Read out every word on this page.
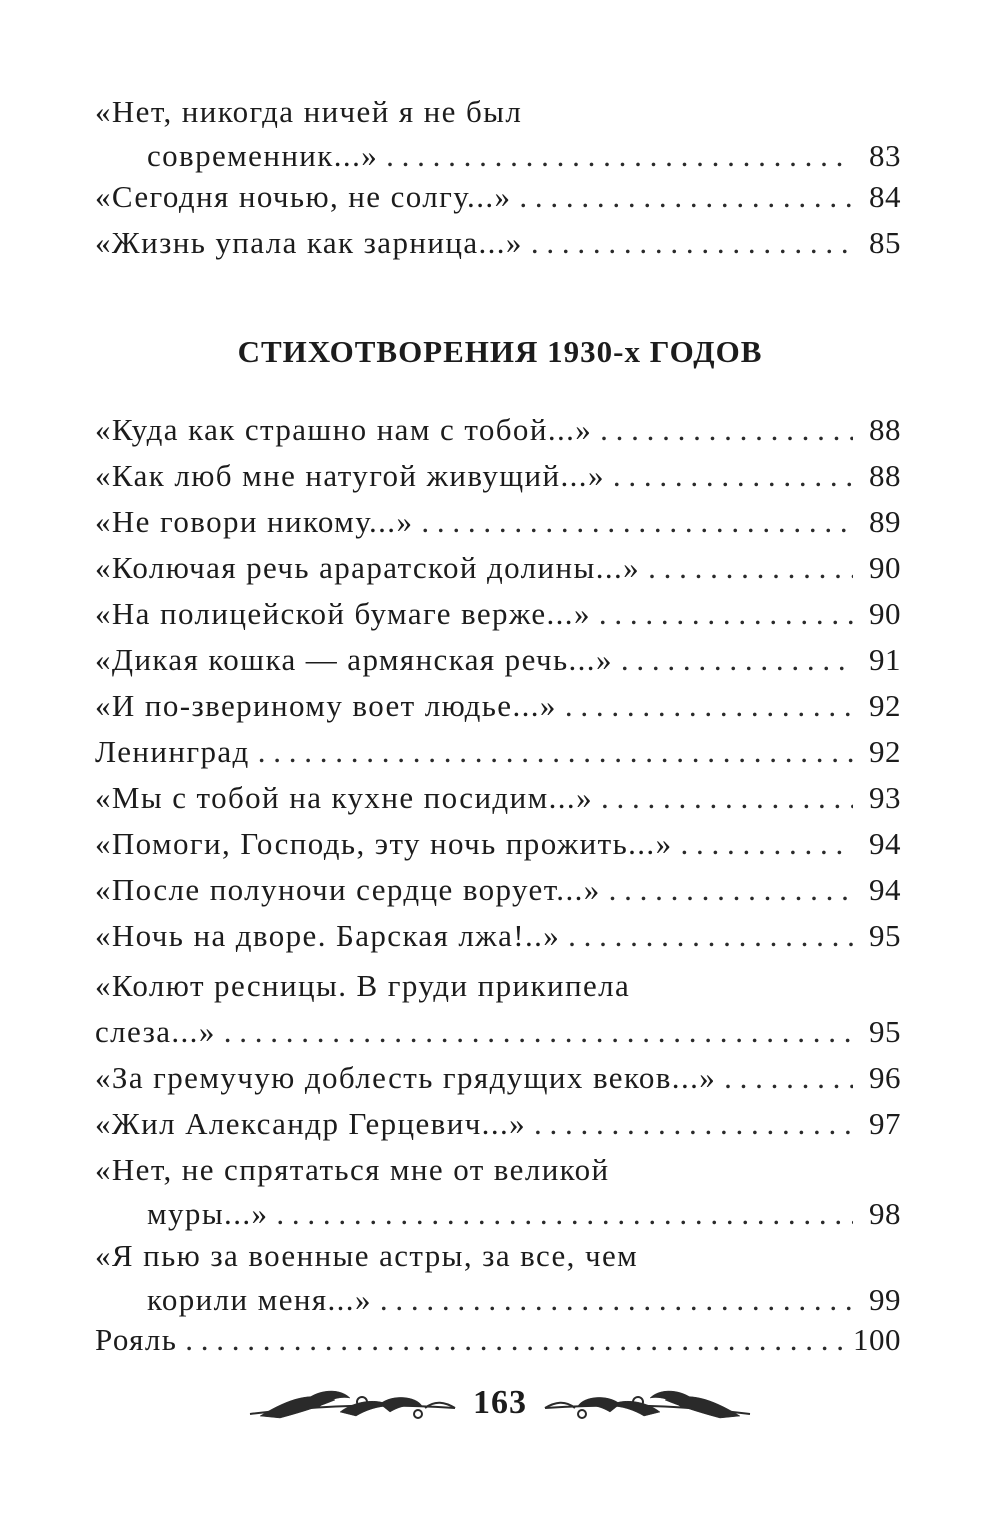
«Нет, никогда ничей я не был
современник...» . . .	83
«Сегодня ночью, не солгу...» . . .	84
«Жизнь упала как зарница...» . . .	85
СТИХОТВОРЕНИЯ 1930-х ГОДОВ
«Куда как страшно нам с тобой...» . . .	88
«Как люб мне натугой живущий...» . . .	88
«Не говори никому...» . . .	89
«Колючая речь араратской долины...» . . .	90
«На полицейской бумаге верже...» . . .	90
«Дикая кошка — армянская речь...» . . .	91
«И по-звериному воет людье...» . . .	92
Ленинград . . .	92
«Мы с тобой на кухне посидим...» . . .	93
«Помоги, Господь, эту ночь прожить...» . . .	94
«После полуночи сердце ворует...» . . .	94
«Ночь на дворе. Барская лжа!..» . . .	95
«Колют ресницы. В груди прикипела
слеза...» . . .	95
«За гремучую доблесть грядущих веков...» . . .	96
«Жил Александр Герцевич...» . . .	97
«Нет, не спрятаться мне от великой
муры...» . . .	98
«Я пью за военные астры, за все, чем
корили меня...» . . .	99
Рояль . . .	100
163
